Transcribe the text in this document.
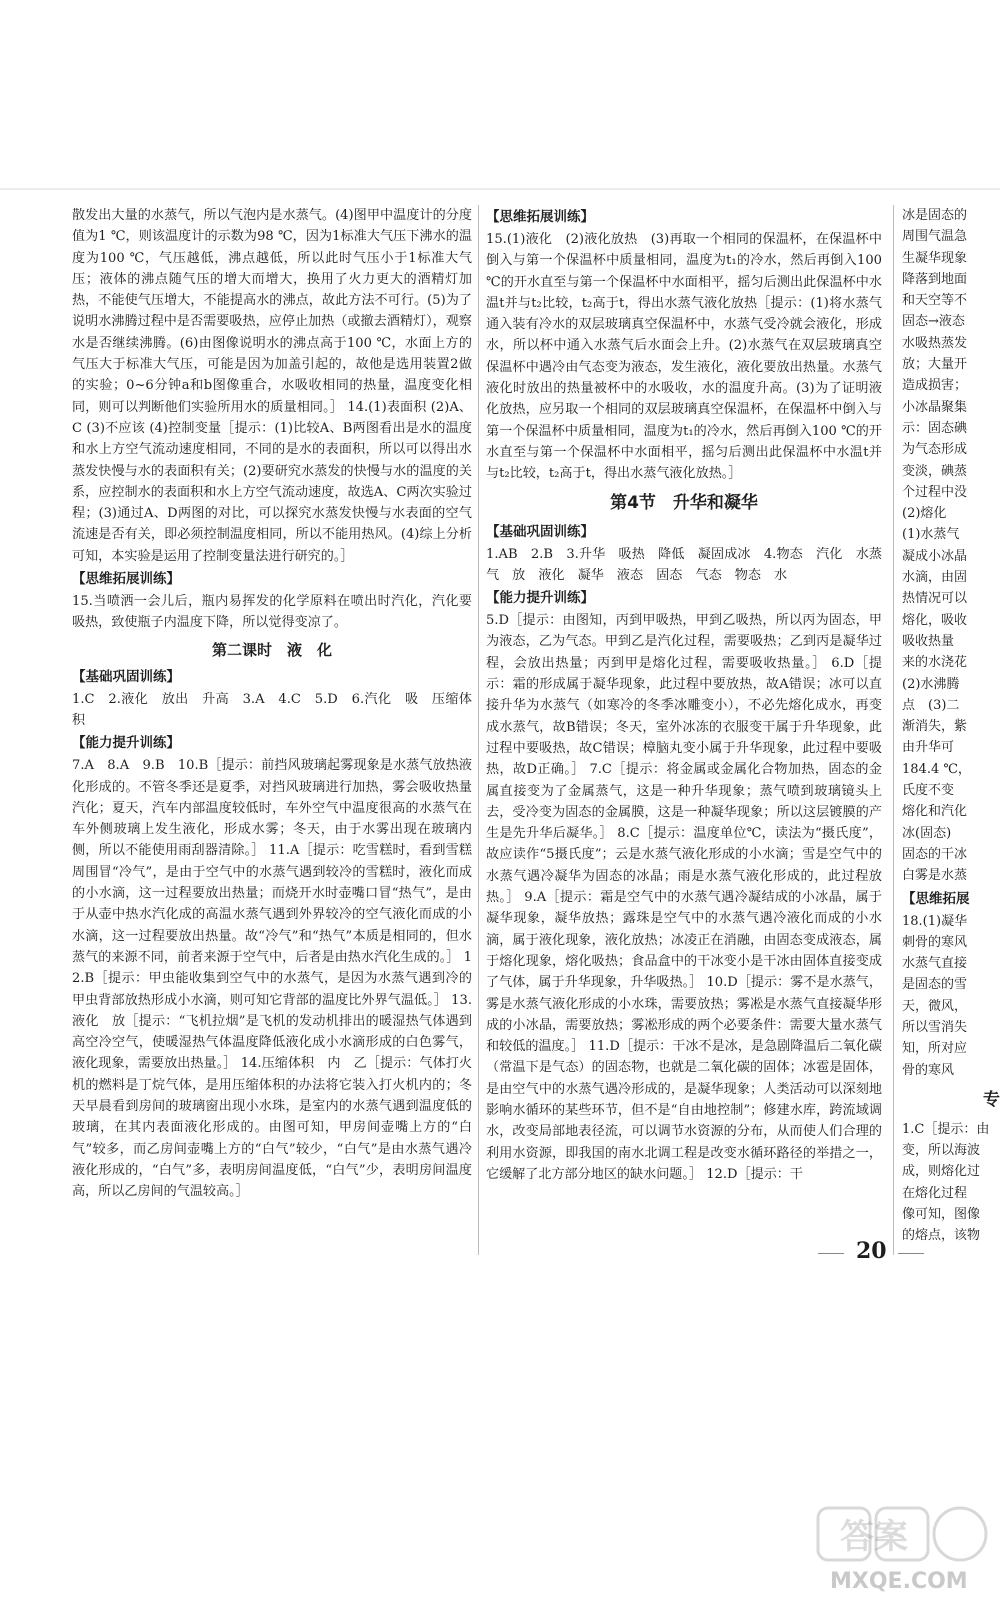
散发出大量的水蒸气，所以气泡内是水蒸气。(4)图甲中温度计的分度值为1 ℃，则该温度计的示数为98 ℃，因为1标准大气压下沸水的温度为100 ℃，气压越低，沸点越低，所以此时气压小于1标准大气压；液体的沸点随气压的增大而增大，换用了火力更大的酒精灯加热，不能使气压增大，不能提高水的沸点，故此方法不可行。(5)为了说明水沸腾过程中是否需要吸热，应停止加热（或撤去酒精灯），观察水是否继续沸腾。(6)由图像说明水的沸点高于100 ℃，水面上方的气压大于标准大气压，可能是因为加盖引起的，故他是选用装置2做的实验；0~6分钟a和b图像重合，水吸收相同的热量，温度变化相同，则可以判断他们实验所用水的质量相同。］ 14.(1)表面积 (2)A、C (3)不应该 (4)控制变量［提示：(1)比较A、B两图看出是水的温度和水上方空气流动速度相同，不同的是水的表面积，所以可以得出水蒸发快慢与水的表面积有关；(2)要研究水蒸发的快慢与水的温度的关系，应控制水的表面积和水上方空气流动速度，故选A、C两次实验过程；(3)通过A、D两图的对比，可以探究水蒸发快慢与水表面的空气流速是否有关，即必须控制温度相同，所以不能用热风。(4)综上分析可知，本实验是运用了控制变量法进行研究的。］

【思维拓展训练】

15.当喷洒一会儿后，瓶内易挥发的化学原料在喷出时汽化，汽化要吸热，致使瓶子内温度下降，所以觉得变凉了。

第二课时　液　化
【基础巩固训练】

1.C　2.液化　放出　升高　3.A　4.C　5.D　6.汽化　吸　压缩体积

【能力提升训练】

7.A　8.A　9.B　10.B［提示：前挡风玻璃起雾现象是水蒸气放热液化形成的。不管冬季还是夏季，对挡风玻璃进行加热，雾会吸收热量汽化；夏天，汽车内部温度较低时，车外空气中温度很高的水蒸气在车外侧玻璃上发生液化，形成水雾；冬天，由于水雾出现在玻璃内侧，所以不能使用雨刮器清除。］ 11.A［提示：吃雪糕时，看到雪糕周围冒“冷气”，是由于空气中的水蒸气遇到较冷的雪糕时，液化而成的小水滴，这一过程要放出热量；而烧开水时壶嘴口冒“热气”，是由于从壶中热水汽化成的高温水蒸气遇到外界较冷的空气液化而成的小水滴，这一过程要放出热量。故“冷气”和“热气”本质是相同的，但水蒸气的来源不同，前者来源于空气中，后者是由热水汽化生成的。］ 12.B［提示：甲虫能收集到空气中的水蒸气，是因为水蒸气遇到冷的甲虫背部放热形成小水滴，则可知它背部的温度比外界气温低。］ 13.液化　放［提示：“飞机拉烟”是飞机的发动机排出的暖湿热气体遇到高空冷空气，使暖湿热气体温度降低液化成小水滴形成的白色雾气，液化现象，需要放出热量。］ 14.压缩体积　内　乙［提示：气体打火机的燃料是丁烷气体，是用压缩体积的办法将它装入打火机内的；冬天早晨看到房间的玻璃窗出现小水珠，是室内的水蒸气遇到温度低的玻璃，在其内表面液化形成的。由图可知，甲房间壶嘴上方的“白气”较多，而乙房间壶嘴上方的“白气”较少，“白气”是由水蒸气遇冷液化形成的，“白气”多，表明房间温度低，“白气”少，表明房间温度高，所以乙房间的气温较高。］

【思维拓展训练】

15.(1)液化　(2)液化放热　(3)再取一个相同的保温杯，在保温杯中倒入与第一个保温杯中质量相同，温度为t₁的冷水，然后再倒入100 ℃的开水直至与第一个保温杯中水面相平，摇匀后测出此保温杯中水温t并与t₂比较，t₂高于t，得出水蒸气液化放热［提示：(1)将水蒸气通入装有冷水的双层玻璃真空保温杯中，水蒸气受冷就会液化，形成水，所以杯中通入水蒸气后水面会上升。(2)水蒸气在双层玻璃真空保温杯中遇冷由气态变为液态，发生液化，液化要放出热量。水蒸气液化时放出的热量被杯中的水吸收，水的温度升高。(3)为了证明液化放热，应另取一个相同的双层玻璃真空保温杯，在保温杯中倒入与第一个保温杯中质量相同，温度为t₁的冷水，然后再倒入100 ℃的开水直至与第一个保温杯中水面相平，摇匀后测出此保温杯中水温t并与t₂比较，t₂高于t，得出水蒸气液化放热。］

第4节　升华和凝华
【基础巩固训练】

1.AB　2.B　3.升华　吸热　降低　凝固成冰　4.物态　汽化　水蒸气　放　液化　凝华　液态　固态　气态　物态　水

【能力提升训练】

5.D［提示：由图知，丙到甲吸热，甲到乙吸热，所以丙为固态，甲为液态，乙为气态。甲到乙是汽化过程，需要吸热；乙到丙是凝华过程，会放出热量；丙到甲是熔化过程，需要吸收热量。］ 6.D［提示：霜的形成属于凝华现象，此过程中要放热，故A错误；冰可以直接升华为水蒸气（如寒冷的冬季冰雕变小），不必先熔化成水，再变成水蒸气，故B错误；冬天，室外冰冻的衣服变干属于升华现象，此过程中要吸热，故C错误；樟脑丸变小属于升华现象，此过程中要吸热，故D正确。］ 7.C［提示：将金属或金属化合物加热，固态的金属直接变为了金属蒸气，这是一种升华现象；蒸气喷到玻璃镜头上去，受冷变为固态的金属膜，这是一种凝华现象；所以这层镀膜的产生是先升华后凝华。］ 8.C［提示：温度单位℃，读法为“摄氏度”，故应读作“5摄氏度”；云是水蒸气液化形成的小水滴；雪是空气中的水蒸气遇冷凝华为固态的冰晶；雨是水蒸气液化形成的，此过程放热。］ 9.A［提示：霜是空气中的水蒸气遇冷凝结成的小冰晶，属于凝华现象，凝华放热；露珠是空气中的水蒸气遇冷液化而成的小水滴，属于液化现象，液化放热；冰凌正在消融，由固态变成液态，属于熔化现象，熔化吸热；食品盒中的干冰变小是干冰由固体直接变成了气体，属于升华现象，升华吸热。］ 10.D［提示：雾不是水蒸气，雾是水蒸气液化形成的小水珠，需要放热；雾凇是水蒸气直接凝华形成的小冰晶，需要放热；雾凇形成的两个必要条件：需要大量水蒸气和较低的温度。］ 11.D［提示：干冰不是冰，是急剧降温后二氧化碳（常温下是气态）的固态物，也就是二氧化碳的固体；冰雹是固体，是由空气中的水蒸气遇冷形成的，是凝华现象；人类活动可以深刻地影响水循环的某些环节，但不是“自由地控制”；修建水库，跨流域调水，改变局部地表径流，可以调节水资源的分布，从而使人们合理的利用水资源，即我国的南水北调工程是改变水循环路径的举措之一，它缓解了北方部分地区的缺水问题。］ 12.D［提示：干

冰是固态的
周围气温急
生凝华现象
降落到地面
和天空等不
固态→液态
水吸热蒸发
放；大量开
造成损害；
小冰晶聚集
示：固态碘
为气态形成
变淡，碘蒸
个过程中没
(2)熔化
(1)水蒸气
凝成小冰晶
水滴，由固
热情况可以
熔化，吸收
吸收热量
来的水浇花
(2)水沸腾
点　(3)二
渐消失，紫
由升华可
184.4 ℃，
氏度不变
熔化和汽化
冰(固态)
固态的干冰
白雾是水蒸
【思维拓展
18.(1)凝华
刺骨的寒风
水蒸气直接
是固态的雪
天，微风，
所以雪消失
知，所对应
骨的寒风
专
1.C［提示：由
变，所以海波
成，则熔化过
在熔化过程
像可知，图像
的熔点，该物
20
答案
MXQE.COM
